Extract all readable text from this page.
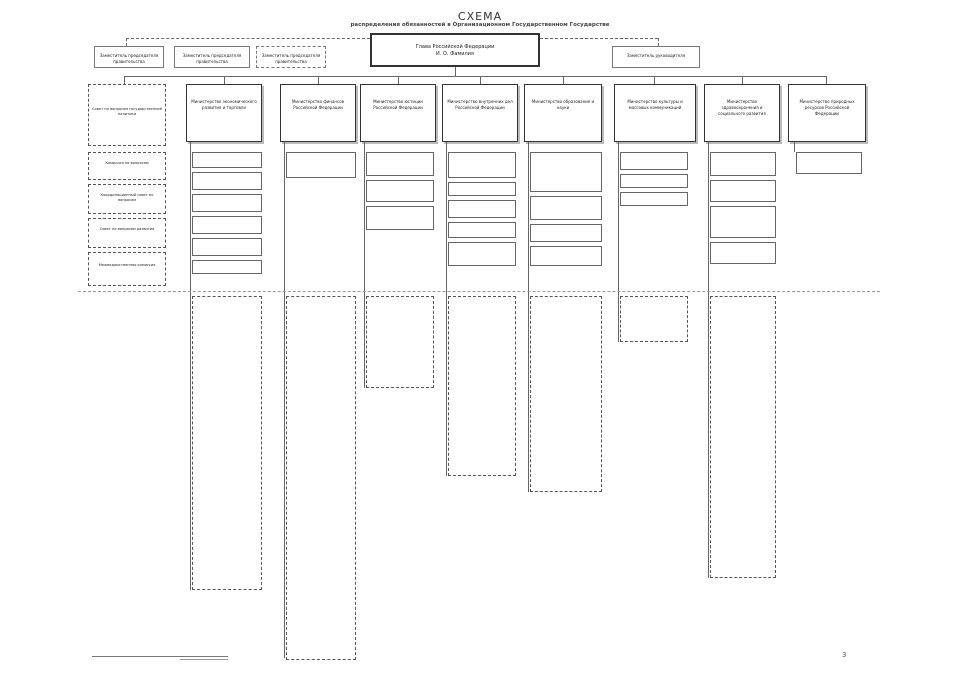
СХЕМА
распределения обязанностей в Организационном Государственном Государстве
Глава Российской Федерации
И. О. Фамилия
Заместитель председателя правительства
Заместитель председателя правительства
Заместитель председателя правительства
Заместитель руководителя
Совет по вопросам государственной политики
Комиссия по вопросам
Координационный совет по вопросам
Совет по вопросам развития
Межведомственная комиссия
Министерство экономического развития и торговли
Министерство финансов Российской Федерации
Министерство юстиции Российской Федерации
Министерство внутренних дел Российской Федерации
Министерство образования и науки
Министерство культуры и массовых коммуникаций
Министерство здравоохранения и социального развития
Министерство природных ресурсов Российской Федерации
3
